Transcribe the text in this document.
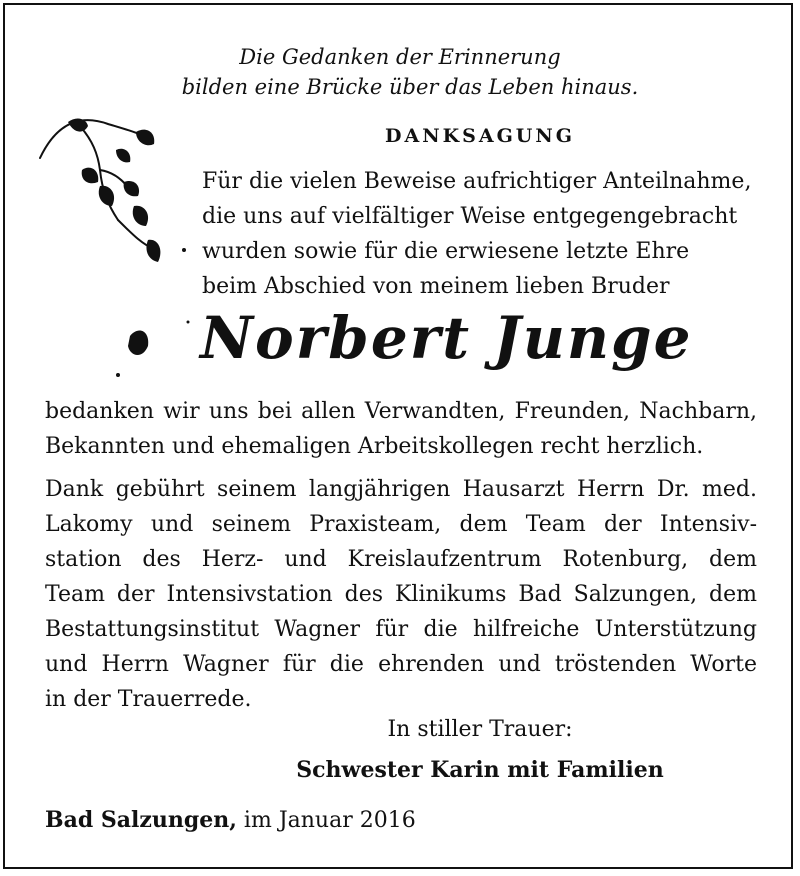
Die Gedanken der Erinnerung
bilden eine Brücke über das Leben hinaus.
DANKSAGUNG
Für die vielen Beweise aufrichtiger Anteilnahme,
die uns auf vielfältiger Weise entgegengebracht
wurden sowie für die erwiesene letzte Ehre
beim Abschied von meinem lieben Bruder
Norbert Junge
bedanken wir uns bei allen Verwandten, Freunden, Nachbarn,
Bekannten und ehemaligen Arbeitskollegen recht herzlich.
Dank gebührt seinem langjährigen Hausarzt Herrn Dr. med.
Lakomy und seinem Praxisteam, dem Team der Intensiv-
station des Herz- und Kreislaufzentrum Rotenburg, dem
Team der Intensivstation des Klinikums Bad Salzungen, dem
Bestattungsinstitut Wagner für die hilfreiche Unterstützung
und Herrn Wagner für die ehrenden und tröstenden Worte
in der Trauerrede.
In stiller Trauer:
Schwester Karin mit Familien
Bad Salzungen, im Januar 2016
